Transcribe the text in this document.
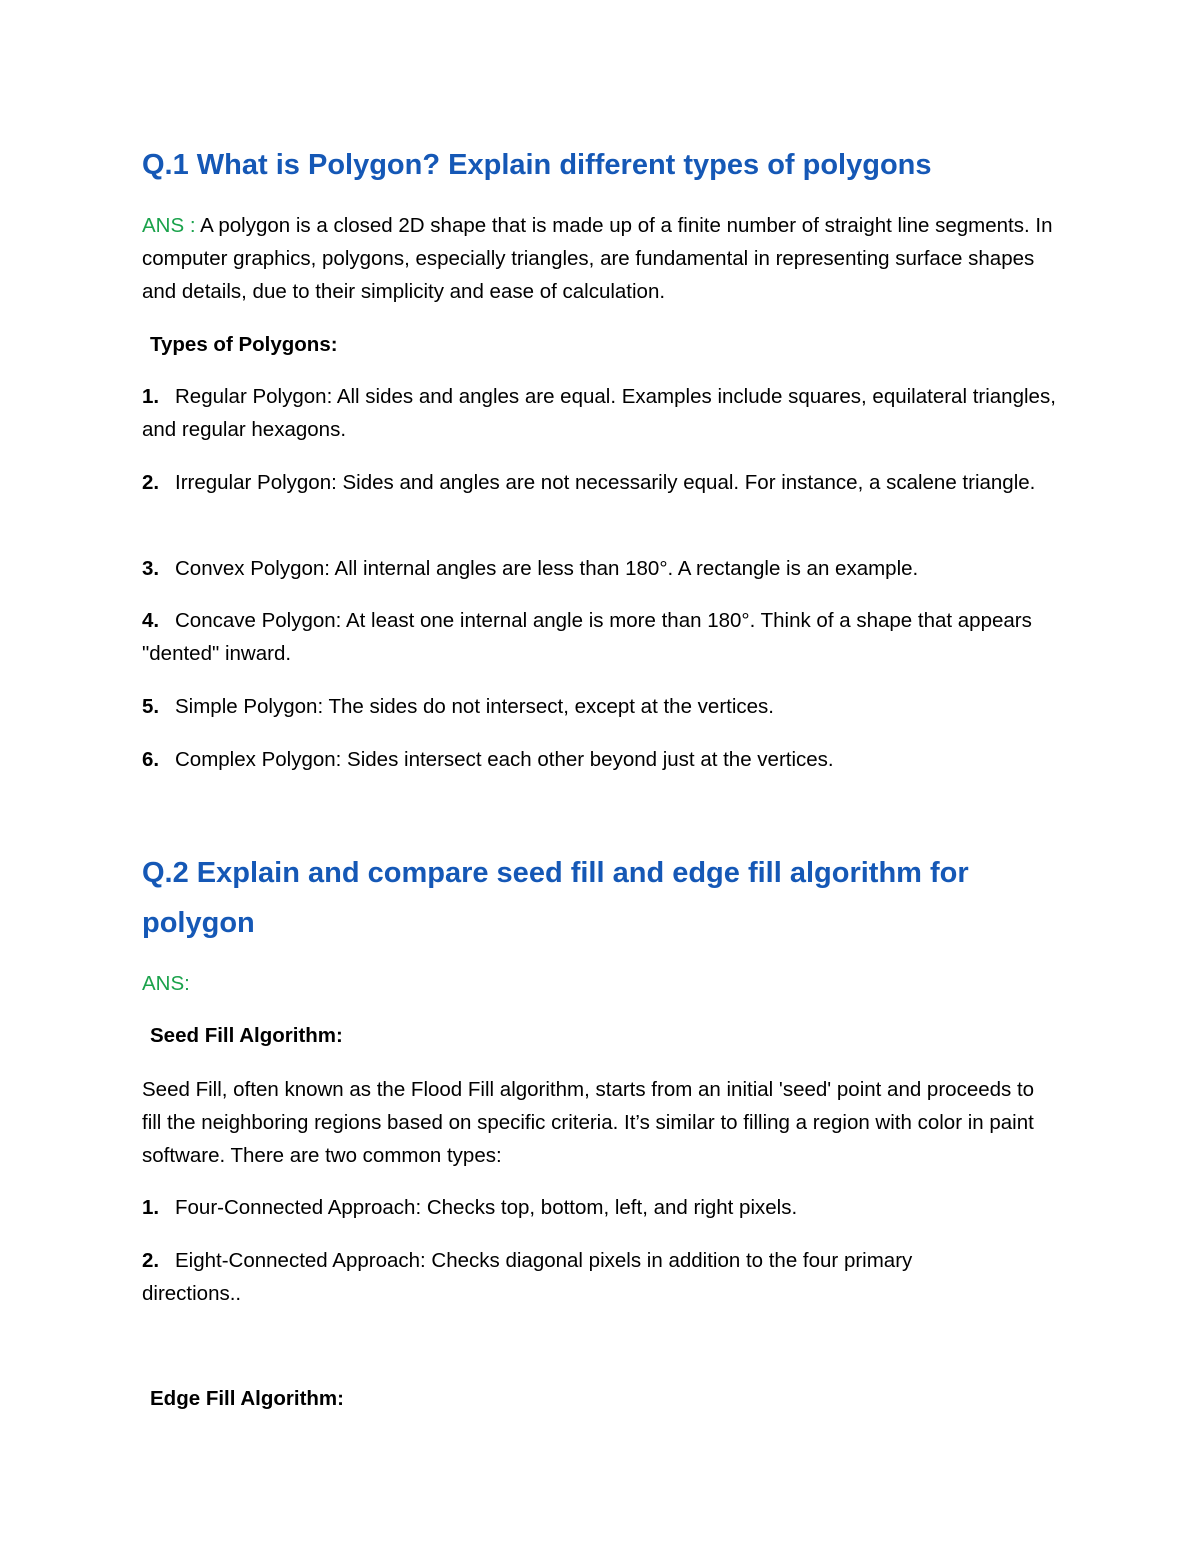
Q.1 What is Polygon? Explain different types of polygons

ANS : A polygon is a closed 2D shape that is made up of a finite number of straight line segments. In computer graphics, polygons, especially triangles, are fundamental in representing surface shapes and details, due to their simplicity and ease of calculation.

Types of Polygons:

1. Regular Polygon: All sides and angles are equal. Examples include squares, equilateral triangles, and regular hexagons.

2. Irregular Polygon: Sides and angles are not necessarily equal. For instance, a scalene triangle.

3. Convex Polygon: All internal angles are less than 180°. A rectangle is an example.

4. Concave Polygon: At least one internal angle is more than 180°. Think of a shape that appears "dented" inward.

5. Simple Polygon: The sides do not intersect, except at the vertices.

6. Complex Polygon: Sides intersect each other beyond just at the vertices.

Q.2 Explain and compare seed fill and edge fill algorithm for polygon

ANS:

Seed Fill Algorithm:

Seed Fill, often known as the Flood Fill algorithm, starts from an initial 'seed' point and proceeds to fill the neighboring regions based on specific criteria. It’s similar to filling a region with color in paint software. There are two common types:

1. Four-Connected Approach: Checks top, bottom, left, and right pixels.

2. Eight-Connected Approach: Checks diagonal pixels in addition to the four primary directions..

Edge Fill Algorithm:
